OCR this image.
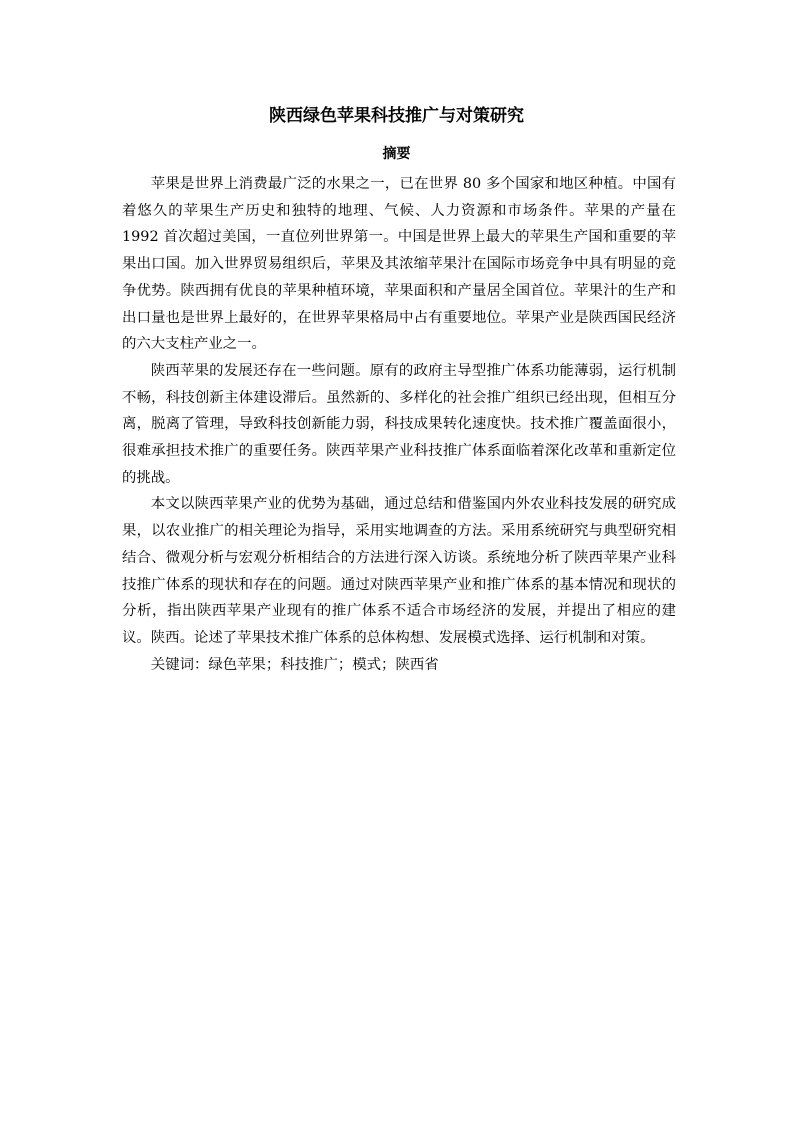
陕西绿色苹果科技推广与对策研究
摘要

苹果是世界上消费最广泛的水果之一，已在世界 80 多个国家和地区种植。中国有着悠久的苹果生产历史和独特的地理、气候、人力资源和市场条件。苹果的产量在 1992 首次超过美国，一直位列世界第一。中国是世界上最大的苹果生产国和重要的苹果出口国。加入世界贸易组织后，苹果及其浓缩苹果汁在国际市场竞争中具有明显的竞争优势。陕西拥有优良的苹果种植环境，苹果面积和产量居全国首位。苹果汁的生产和出口量也是世界上最好的，在世界苹果格局中占有重要地位。苹果产业是陕西国民经济的六大支柱产业之一。

陕西苹果的发展还存在一些问题。原有的政府主导型推广体系功能薄弱，运行机制不畅，科技创新主体建设滞后。虽然新的、多样化的社会推广组织已经出现，但相互分离，脱离了管理，导致科技创新能力弱，科技成果转化速度快。技术推广覆盖面很小，很难承担技术推广的重要任务。陕西苹果产业科技推广体系面临着深化改革和重新定位的挑战。

本文以陕西苹果产业的优势为基础，通过总结和借鉴国内外农业科技发展的研究成果，以农业推广的相关理论为指导，采用实地调查的方法。采用系统研究与典型研究相结合、微观分析与宏观分析相结合的方法进行深入访谈。系统地分析了陕西苹果产业科技推广体系的现状和存在的问题。通过对陕西苹果产业和推广体系的基本情况和现状的分析，指出陕西苹果产业现有的推广体系不适合市场经济的发展，并提出了相应的建议。陕西。论述了苹果技术推广体系的总体构想、发展模式选择、运行机制和对策。

关键词：绿色苹果；科技推广；模式；陕西省
